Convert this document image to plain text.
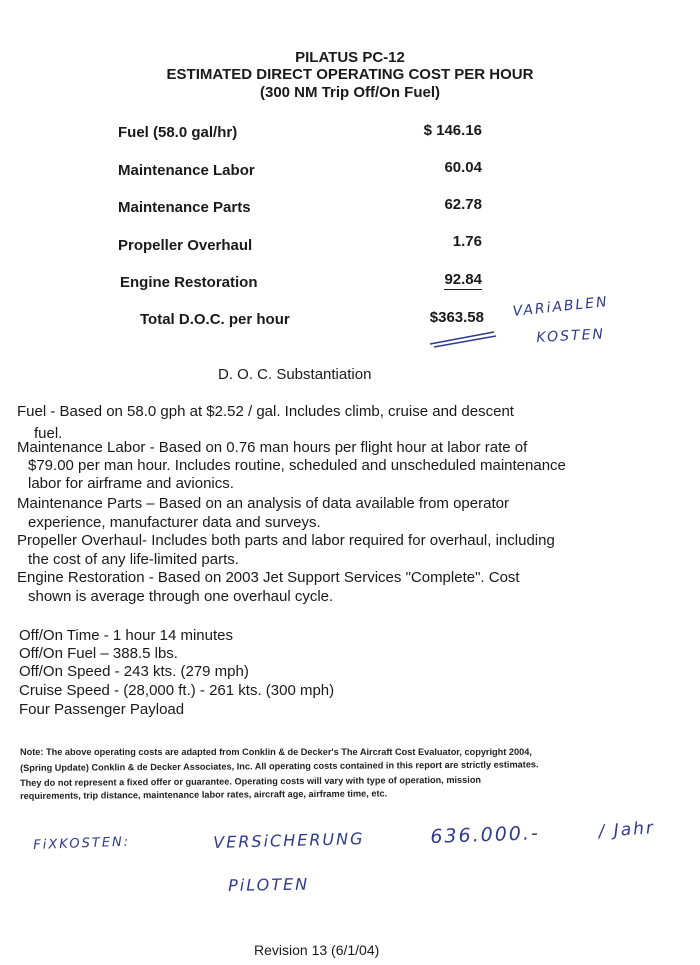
PILATUS PC-12
ESTIMATED DIRECT OPERATING COST PER HOUR
(300 NM Trip Off/On Fuel)
Fuel (58.0 gal/hr)	$ 146.16
Maintenance Labor	60.04
Maintenance Parts	62.78
Propeller Overhaul	1.76
Engine Restoration	92.84
Total D.O.C. per hour	$363.58 VARiABLEN
KOSTEN
D. O. C. Substantiation
Fuel - Based on 58.0 gph at $2.52 / gal. Includes climb, cruise and descent
fuel.
Maintenance Labor - Based on 0.76 man hours per flight hour at labor rate of
$79.00 per man hour. Includes routine, scheduled and unscheduled maintenance
labor for airframe and avionics.
Maintenance Parts – Based on an analysis of data available from operator
experience, manufacturer data and surveys.
Propeller Overhaul- Includes both parts and labor required for overhaul, including
the cost of any life-limited parts.
Engine Restoration - Based on 2003 Jet Support Services "Complete". Cost
shown is average through one overhaul cycle.
Off/On Time - 1 hour 14 minutes
Off/On Fuel – 388.5 lbs.
Off/On Speed - 243 kts. (279 mph)
Cruise Speed - (28,000 ft.) - 261 kts. (300 mph)
Four Passenger Payload
Note: The above operating costs are adapted from Conklin & de Decker's The Aircraft Cost Evaluator, copyright 2004,
(Spring Update) Conklin & de Decker Associates, Inc. All operating costs contained in this report are strictly estimates.
They do not represent a fixed offer or guarantee. Operating costs will vary with type of operation, mission
requirements, trip distance, maintenance labor rates, aircraft age, airframe time, etc.
FiXKOSTEN:	VERSiCHERUNG	636.000.-	/ Jahr
PiLOTEN
Revision 13 (6/1/04)
